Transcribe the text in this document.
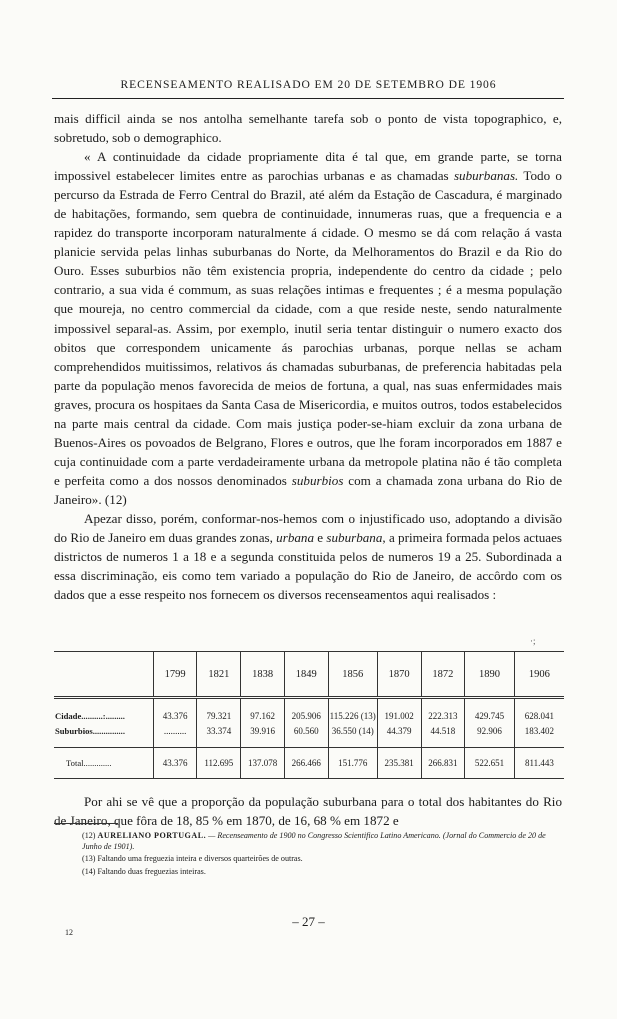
RECENSEAMENTO REALISADO EM 20 DE SETEMBRO DE 1906

mais difficil ainda se nos antolha semelhante tarefa sob o ponto de vista topographico, e, sobretudo, sob o demographico.

« A continuidade da cidade propriamente dita é tal que, em grande parte, se torna impossivel estabelecer limites entre as parochias urbanas e as chamadas suburbanas. Todo o percurso da Estrada de Ferro Central do Brazil, até além da Estação de Cascadura, é marginado de habitações, formando, sem quebra de continuidade, innumeras ruas, que a frequencia e a rapidez do transporte incorporam naturalmente á cidade. O mesmo se dá com relação á vasta planicie servida pelas linhas suburbanas do Norte, da Melhoramentos do Brazil e da Rio do Ouro. Esses suburbios não têm existencia propria, independente do centro da cidade ; pelo contrario, a sua vida é commum, as suas relações intimas e frequentes ; é a mesma população que moureja, no centro commercial da cidade, com a que reside neste, sendo naturalmente impossivel separal-as. Assim, por exemplo, inutil seria tentar distinguir o numero exacto dos obitos que correspondem unicamente ás parochias urbanas, porque nellas se acham comprehendidos muitissimos, relativos ás chamadas suburbanas, de preferencia habitadas pela parte da população menos favorecida de meios de fortuna, a qual, nas suas enfermidades mais graves, procura os hospitaes da Santa Casa de Misericordia, e muitos outros, todos estabelecidos na parte mais central da cidade. Com mais justiça poder-se-hiam excluir da zona urbana de Buenos-Aires os povoados de Belgrano, Flores e outros, que lhe foram incorporados em 1887 e cuja continuidade com a parte verdadeiramente urbana da metropole platina não é tão completa e perfeita como a dos nossos denominados suburbios com a chamada zona urbana do Rio de Janeiro». (12)

Apezar disso, porém, conformar-nos-hemos com o injustificado uso, adoptando a divisão do Rio de Janeiro em duas grandes zonas, urbana e suburbana, a primeira formada pelos actuaes districtos de numeros 1 a 18 e a segunda constituida pelos de numeros 19 a 25. Subordinada a essa discriminação, eis como tem variado a população do Rio de Janeiro, de accôrdo com os dados que a esse respeito nos fornecem os diversos recenseamentos aqui realisados :

·;
	1799	1821	1838	1849	1856	1870	1872	1890	1906
Cidade..........:.........	43.376	79.321	97.162	205.906	115.226 (13)	191.002	222.313	429.745	628.041
Suburbios...............	..........	33.374	39.916	60.560	36.550 (14)	44.379	44.518	92.906	183.402
Total.............	43.376	112.695	137.078	266.466	151.776	235.381	266.831	522.651	811.443

Por ahi se vê que a proporção da população suburbana para o total dos habitantes do Rio de Janeiro, que fôra de 18, 85 % em 1870, de 16, 68 % em 1872 e

(12) AURELIANO PORTUGAL. — Recenseamento de 1900 no Congresso Scientifico Latino Americano. (Jornal do Commercio de 20 de Junho de 1901).
(13) Faltando uma freguezia inteira e diversos quarteirões de outras.
(14) Faltando duas freguezias inteiras.
– 27 –
12
